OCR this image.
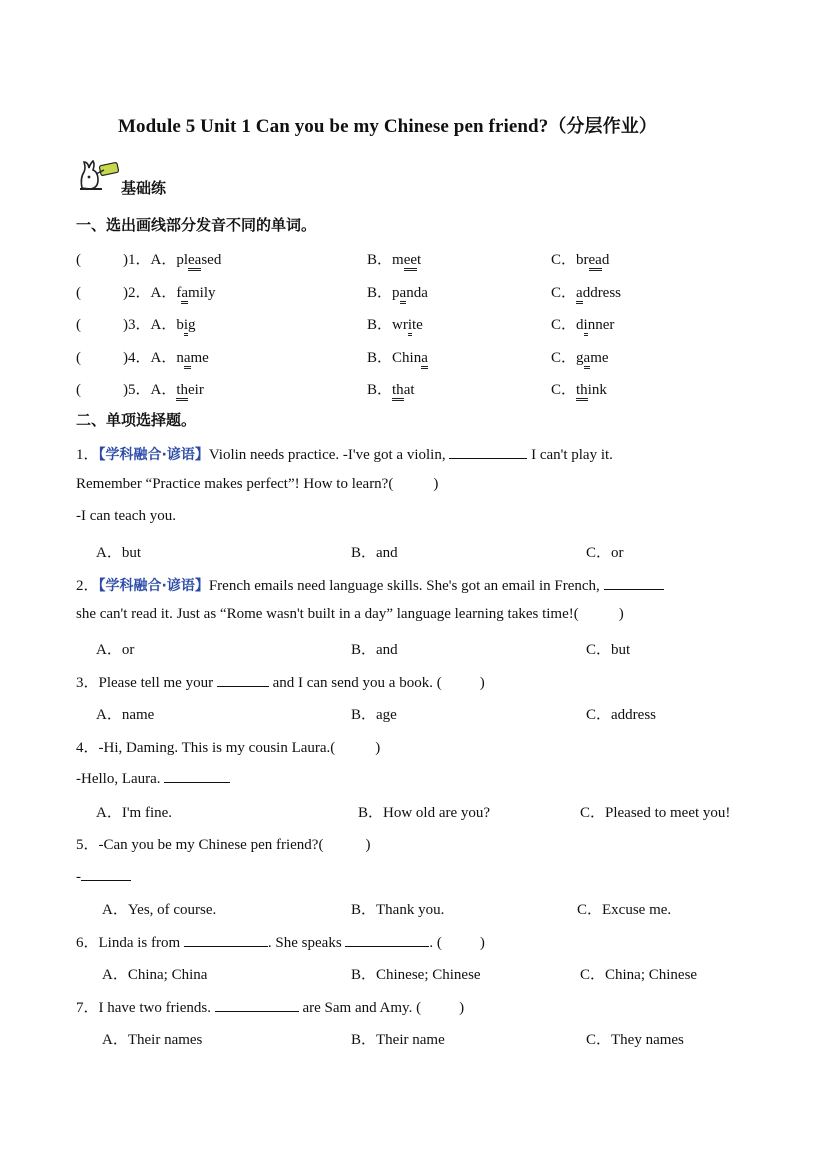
Module 5 Unit 1 Can you be my Chinese pen friend?（分层作业）
基础练
一、选出画线部分发音不同的单词。
(	)1．A．pleased	B．meet	C．bread
(	)2．A．family	B．panda	C．address
(	)3．A．big	B．write	C．dinner
(	)4．A．name	B．China	C．game
(	)5．A．their	B．that	C．think
二、单项选择题。
1．【学科融合·谚语】Violin needs practice. -I've got a violin,	I can't play it.
Remember “Practice makes perfect”! How to learn?(	)
-I can teach you.
A．but	B．and	C．or
2．【学科融合·谚语】French emails need language skills. She's got an email in French,
she can't read it. Just as “Rome wasn't built in a day” language learning takes time!(	)
A．or	B．and	C．but
3．Please tell me your	and I can send you a book. (	)
A．name	B．age	C．address
4．-Hi, Daming. This is my cousin Laura.(	)
-Hello, Laura.
A．I'm fine.	B．How old are you?	C．Pleased to meet you!
5．-Can you be my Chinese pen friend?(	)
-
A．Yes, of course.	B．Thank you.	C．Excuse me.
6．Linda is from	. She speaks	. (	)
A．China; China	B．Chinese; Chinese	C．China; Chinese
7．I have two friends.	are Sam and Amy. (	)
A．Their names	B．Their name	C．They names
